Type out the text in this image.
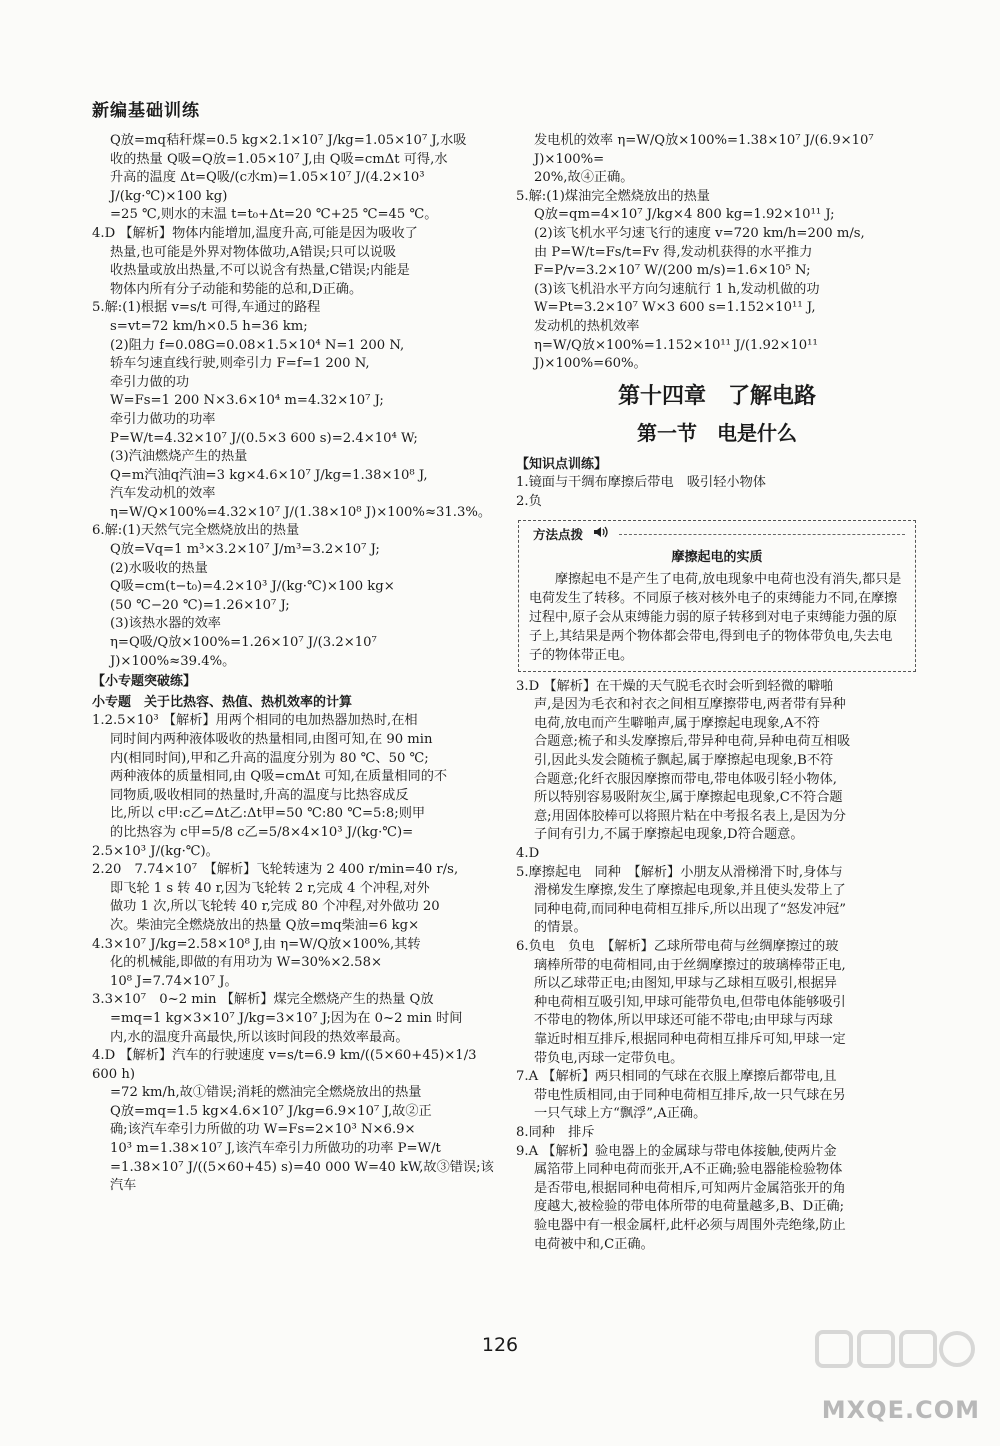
新编基础训练

Q放=mq秸秆煤=0.5 kg×2.1×10⁷ J/kg=1.05×10⁷ J,水吸

收的热量 Q吸=Q放=1.05×10⁷ J,由 Q吸=cmΔt 可得,水

升高的温度 Δt=Q吸/(c水m)=1.05×10⁷ J/(4.2×10³ J/(kg·℃)×100 kg)

=25 ℃,则水的末温 t=t₀+Δt=20 ℃+25 ℃=45 ℃。

4.D 【解析】物体内能增加,温度升高,可能是因为吸收了

热量,也可能是外界对物体做功,A错误;只可以说吸

收热量或放出热量,不可以说含有热量,C错误;内能是

物体内所有分子动能和势能的总和,D正确。

5.解:(1)根据 v=s/t 可得,车通过的路程

s=vt=72 km/h×0.5 h=36 km;

(2)阻力 f=0.08G=0.08×1.5×10⁴ N=1 200 N,

轿车匀速直线行驶,则牵引力 F=f=1 200 N,

牵引力做的功

W=Fs=1 200 N×3.6×10⁴ m=4.32×10⁷ J;

牵引力做功的功率

P=W/t=4.32×10⁷ J/(0.5×3 600 s)=2.4×10⁴ W;

(3)汽油燃烧产生的热量

Q=m汽油q汽油=3 kg×4.6×10⁷ J/kg=1.38×10⁸ J,

汽车发动机的效率

η=W/Q×100%=4.32×10⁷ J/(1.38×10⁸ J)×100%≈31.3%。

6.解:(1)天然气完全燃烧放出的热量

Q放=Vq=1 m³×3.2×10⁷ J/m³=3.2×10⁷ J;

(2)水吸收的热量

Q吸=cm(t−t₀)=4.2×10³ J/(kg·℃)×100 kg×

(50 ℃−20 ℃)=1.26×10⁷ J;

(3)该热水器的效率

η=Q吸/Q放×100%=1.26×10⁷ J/(3.2×10⁷ J)×100%≈39.4%。

【小专题突破练】

小专题　关于比热容、热值、热机效率的计算

1.2.5×10³ 【解析】用两个相同的电加热器加热时,在相

同时间内两种液体吸收的热量相同,由图可知,在 90 min

内(相同时间),甲和乙升高的温度分别为 80 ℃、50 ℃;

两种液体的质量相同,由 Q吸=cmΔt 可知,在质量相同的不

同物质,吸收相同的热量时,升高的温度与比热容成反

比,所以 c甲:c乙=Δt乙:Δt甲=50 ℃:80 ℃=5:8;则甲

的比热容为 c甲=5/8 c乙=5/8×4×10³ J/(kg·℃)=

2.5×10³ J/(kg·℃)。

2.20　7.74×10⁷　【解析】飞轮转速为 2 400 r/min=40 r/s,

即飞轮 1 s 转 40 r,因为飞轮转 2 r,完成 4 个冲程,对外

做功 1 次,所以飞轮转 40 r,完成 80 个冲程,对外做功 20

次。柴油完全燃烧放出的热量 Q放=mq柴油=6 kg×

4.3×10⁷ J/kg=2.58×10⁸ J,由 η=W/Q放×100%,其转

化的机械能,即做的有用功为 W=30%×2.58×

10⁸ J=7.74×10⁷ J。

3.3×10⁷　0~2 min 【解析】煤完全燃烧产生的热量 Q放

=mq=1 kg×3×10⁷ J/kg=3×10⁷ J;因为在 0~2 min 时间

内,水的温度升高最快,所以该时间段的热效率最高。

4.D 【解析】汽车的行驶速度 v=s/t=6.9 km/((5×60+45)×1/3 600 h)

=72 km/h,故①错误;消耗的燃油完全燃烧放出的热量

Q放=mq=1.5 kg×4.6×10⁷ J/kg=6.9×10⁷ J,故②正

确;该汽车牵引力所做的功 W=Fs=2×10³ N×6.9×

10³ m=1.38×10⁷ J,该汽车牵引力所做功的功率 P=W/t

=1.38×10⁷ J/((5×60+45) s)=40 000 W=40 kW,故③错误;该汽车

发电机的效率 η=W/Q放×100%=1.38×10⁷ J/(6.9×10⁷ J)×100%=

20%,故④正确。

5.解:(1)煤油完全燃烧放出的热量

Q放=qm=4×10⁷ J/kg×4 800 kg=1.92×10¹¹ J;

(2)该飞机水平匀速飞行的速度 v=720 km/h=200 m/s,

由 P=W/t=Fs/t=Fv 得,发动机获得的水平推力

F=P/v=3.2×10⁷ W/(200 m/s)=1.6×10⁵ N;

(3)该飞机沿水平方向匀速航行 1 h,发动机做的功

W=Pt=3.2×10⁷ W×3 600 s=1.152×10¹¹ J,

发动机的热机效率

η=W/Q放×100%=1.152×10¹¹ J/(1.92×10¹¹ J)×100%=60%。

第十四章　了解电路

第一节　电是什么

【知识点训练】

1.镜面与干绸布摩擦后带电　吸引轻小物体

2.负

方法点拨
摩擦起电的实质
摩擦起电不是产生了电荷,放电现象中电荷也没有消失,都只是电荷发生了转移。不同原子核对核外电子的束缚能力不同,在摩擦过程中,原子会从束缚能力弱的原子转移到对电子束缚能力强的原子上,其结果是两个物体都会带电,得到电子的物体带负电,失去电子的物体带正电。

3.D 【解析】在干燥的天气脱毛衣时会听到轻微的噼啪

声,是因为毛衣和衬衣之间相互摩擦带电,两者带有异种

电荷,放电而产生噼啪声,属于摩擦起电现象,A不符

合题意;梳子和头发摩擦后,带异种电荷,异种电荷互相吸

引,因此头发会随梳子飘起,属于摩擦起电现象,B不符

合题意;化纤衣服因摩擦而带电,带电体吸引轻小物体,

所以特别容易吸附灰尘,属于摩擦起电现象,C不符合题

意;用固体胶棒可以将照片粘在中考报名表上,是因为分

子间有引力,不属于摩擦起电现象,D符合题意。

4.D

5.摩擦起电　同种　【解析】小朋友从滑梯滑下时,身体与

滑梯发生摩擦,发生了摩擦起电现象,并且使头发带上了

同种电荷,而同种电荷相互排斥,所以出现了“怒发冲冠”

的情景。

6.负电　负电　【解析】乙球所带电荷与丝绸摩擦过的玻

璃棒所带的电荷相同,由于丝绸摩擦过的玻璃棒带正电,

所以乙球带正电;由图知,甲球与乙球相互吸引,根据异

种电荷相互吸引知,甲球可能带负电,但带电体能够吸引

不带电的物体,所以甲球还可能不带电;由甲球与丙球

靠近时相互排斥,根据同种电荷相互排斥可知,甲球一定

带负电,丙球一定带负电。

7.A 【解析】两只相同的气球在衣服上摩擦后都带电,且

带电性质相同,由于同种电荷相互排斥,故一只气球在另

一只气球上方“飘浮”,A正确。

8.同种　排斥

9.A 【解析】验电器上的金属球与带电体接触,使两片金

属箔带上同种电荷而张开,A不正确;验电器能检验物体

是否带电,根据同种电荷相斥,可知两片金属箔张开的角

度越大,被检验的带电体所带的电荷量越多,B、D正确;

验电器中有一根金属杆,此杆必须与周围外壳绝缘,防止

电荷被中和,C正确。

126
MXQE.COM
